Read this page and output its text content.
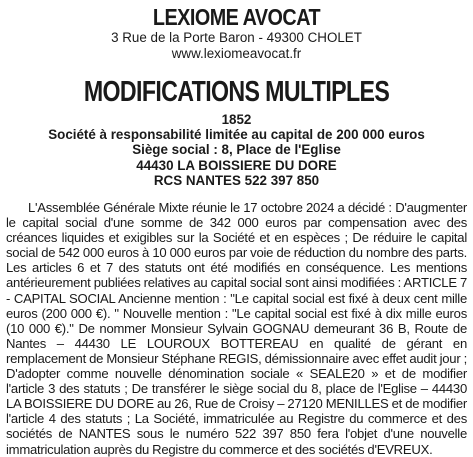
LEXIOME AVOCAT

3 Rue de la Porte Baron - 49300 CHOLET

www.lexiomeavocat.fr

MODIFICATIONS MULTIPLES

1852

Société à responsabilité limitée au capital de 200 000 euros

Siège social : 8, Place de l'Eglise

44430 LA BOISSIERE DU DORE

RCS NANTES 522 397 850

L'Assemblée Générale Mixte réunie le 17 octobre 2024 a décidé : D'augmenter le capital social d'une somme de 342 000 euros par compensation avec des créances liquides et exigibles sur la Société et en espèces ; De réduire le capital social de 542 000 euros à 10 000 euros par voie de réduction du nombre des parts. Les articles 6 et 7 des statuts ont été modifiés en conséquence. Les mentions antérieurement publiées relatives au capital social sont ainsi modifiées : ARTICLE 7 - CAPITAL SOCIAL Ancienne mention : "Le capital social est fixé à deux cent mille euros (200 000 €). " Nouvelle mention : "Le capital social est fixé à dix mille euros (10 000 €)." De nommer Monsieur Sylvain GOGNAU demeurant 36 B, Route de Nantes – 44430 LE LOUROUX BOTTEREAU en qualité de gérant en remplacement de Monsieur Stéphane REGIS, démissionnaire avec effet audit jour ; D'adopter comme nouvelle dénomination sociale « SEALE20 » et de modifier l'article 3 des statuts ; De transférer le siège social du 8, place de l'Eglise – 44430 LA BOISSIERE DU DORE au 26, Rue de Croisy – 27120 MENILLES et de modifier l'article 4 des statuts ; La Société, immatriculée au Registre du commerce et des sociétés de NANTES sous le numéro 522 397 850 fera l'objet d'une nouvelle immatriculation auprès du Registre du commerce et des sociétés d'EVREUX.
